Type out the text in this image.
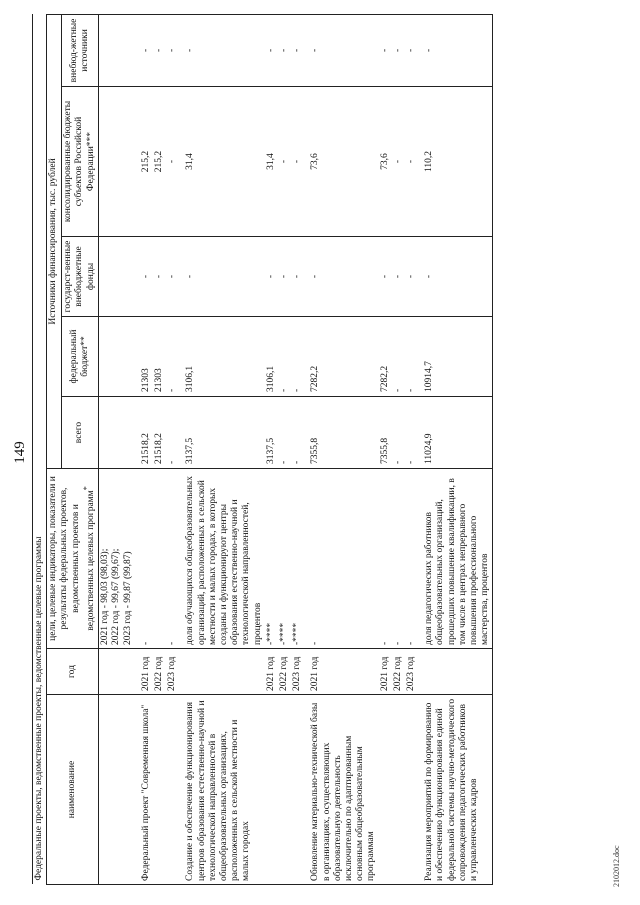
149
Федеральные проекты, ведомственные проекты, ведомственные целевые программы							
наименование	год	цели, целевые индикаторы, показатели и результаты федеральных проектов, ведомственных проектов и ведомственных целевых программ*	Источники финансирования, тыс. рублей				
			всего	федеральный бюджет**	государст-венные внебюджетные фонды	консолидированные бюджеты субъектов Российской Федерации***	внебюд-жетные источники
		2021 год - 98,03 (98,03);
2022 год - 99,67 (99,67);
2023 год - 99,87 (99,87)					
Федеральный проект "Современная школа"	2021 год	-	21518,2	21303	-	215,2	-
	2022 год		21518,2	21303	-	215,2	-
	2023 год	-	-	-	-	-	-
Создание и обеспечение функционирования центров образования естественно-научной и технологической направленностей в общеобразовательных организациях, расположенных в сельской местности и малых городах		доля обучающихся общеобразовательных организаций, расположенных в сельской местности и малых городах, в которых созданы и функционируют центры образования естественно-научной и технологической направленностей, процентов	3137,5	3106,1	-	31,4	-
	2021 год	-****	3137,5	3106,1	-	31,4	-
	2022 год	-****	-	-	-	-	-
	2023 год	-****	-	-	-	-	-
Обновление материально-технической базы в организациях, осуществляющих образовательную деятельность исключительно по адаптированным основным общеобразовательным программам	2021 год	-	7355,8	7282,2	-	73,6	-
	2021 год	-	7355,8	7282,2	-	73,6	-
	2022 год	-	-	-	-	-	-
	2023 год	-	-	-	-	-	-
Реализация мероприятий по формированию и обеспечению функционирования единой федеральной системы научно-методического сопровождения педагогических работников и управленческих кадров		доля педагогических работников общеобразовательных организаций, прошедших повышение квалификации, в том числе в центрах непрерывного повышения профессионального мастерства, процентов	11024,9	10914,7	-	110,2	-
2102012.doc
